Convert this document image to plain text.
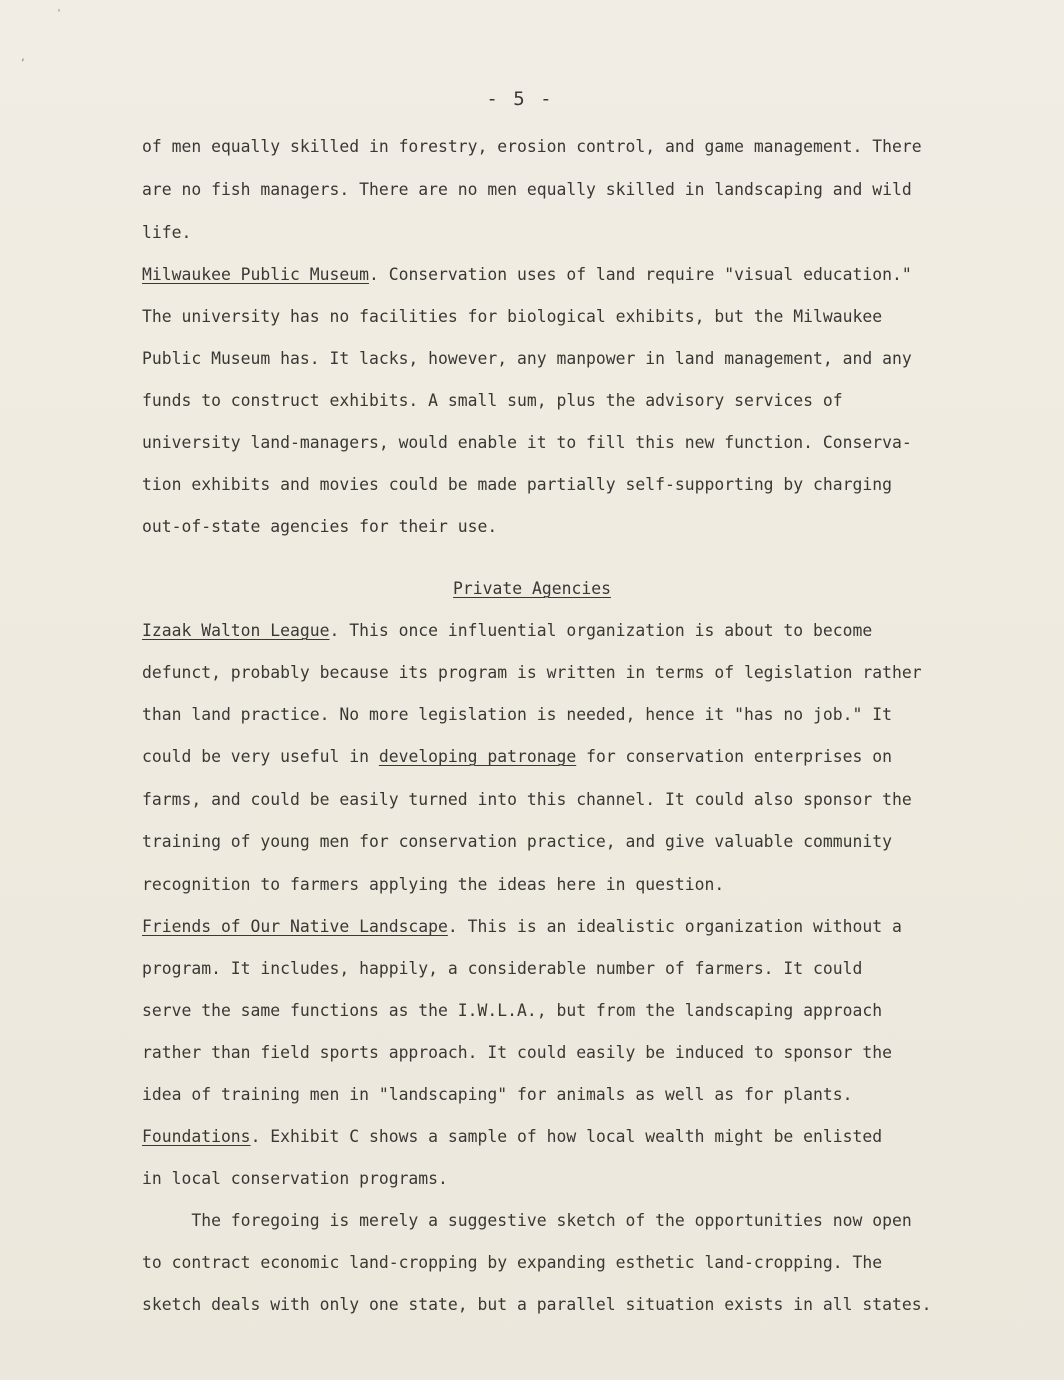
'
,
- 5 -
of men equally skilled in forestry, erosion control, and game management. There
are no fish managers. There are no men equally skilled in landscaping and wild
life.
Milwaukee Public Museum. Conservation uses of land require "visual education."
The university has no facilities for biological exhibits, but the Milwaukee
Public Museum has. It lacks, however, any manpower in land management, and any
funds to construct exhibits. A small sum, plus the advisory services of
university land-managers, would enable it to fill this new function. Conserva-
tion exhibits and movies could be made partially self-supporting by charging
out-of-state agencies for their use.
Private Agencies
Izaak Walton League. This once influential organization is about to become
defunct, probably because its program is written in terms of legislation rather
than land practice. No more legislation is needed, hence it "has no job." It
could be very useful in developing patronage for conservation enterprises on
farms, and could be easily turned into this channel. It could also sponsor the
training of young men for conservation practice, and give valuable community
recognition to farmers applying the ideas here in question.
Friends of Our Native Landscape. This is an idealistic organization without a
program. It includes, happily, a considerable number of farmers. It could
serve the same functions as the I.W.L.A., but from the landscaping approach
rather than field sports approach. It could easily be induced to sponsor the
idea of training men in "landscaping" for animals as well as for plants.
Foundations. Exhibit C shows a sample of how local wealth might be enlisted
in local conservation programs.
The foregoing is merely a suggestive sketch of the opportunities now open
to contract economic land-cropping by expanding esthetic land-cropping. The
sketch deals with only one state, but a parallel situation exists in all states.
